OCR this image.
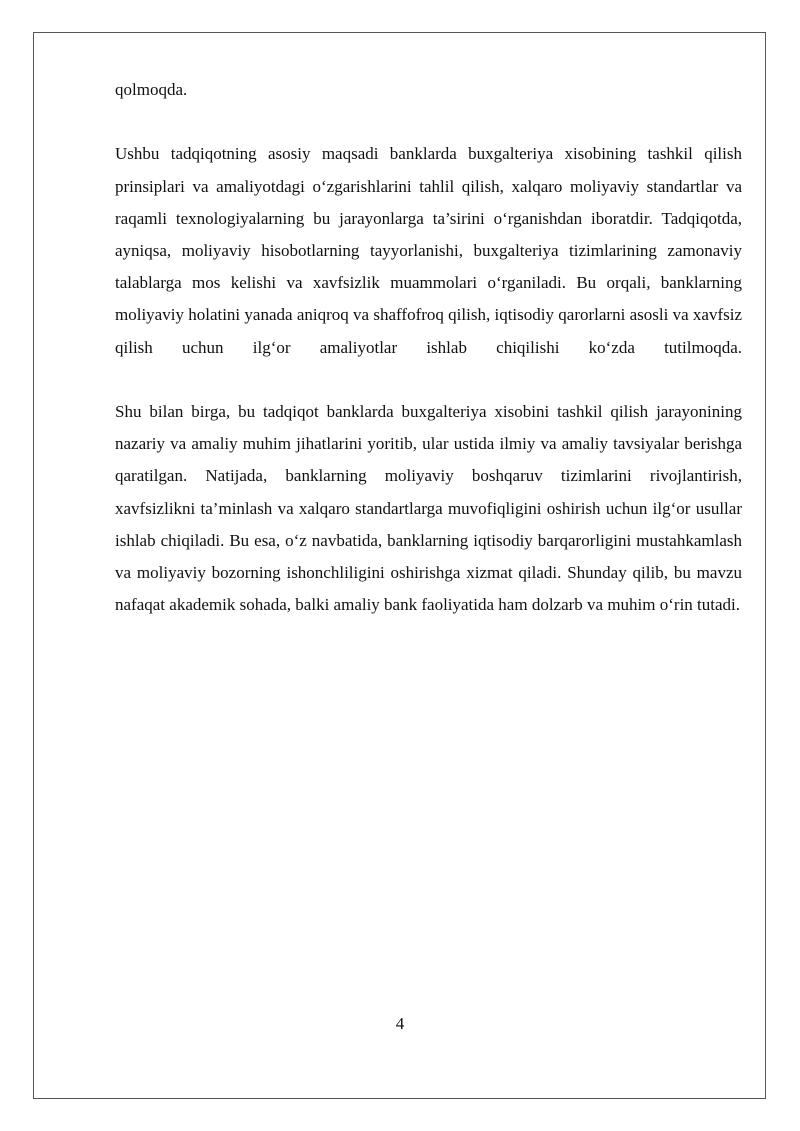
qolmoqda.

Ushbu tadqiqotning asosiy maqsadi banklarda buxgalteriya xisobining tashkil qilish prinsiplari va amaliyotdagi o‘zgarishlarini tahlil qilish, xalqaro moliyaviy standartlar va raqamli texnologiyalarning bu jarayonlarga ta’sirini o‘rganishdan iboratdir. Tadqiqotda, ayniqsa, moliyaviy hisobotlarning tayyorlanishi, buxgalteriya tizimlarining zamonaviy talablarga mos kelishi va xavfsizlik muammolari o‘rganiladi. Bu orqali, banklarning moliyaviy holatini yanada aniqroq va shaffofroq qilish, iqtisodiy qarorlarni asosli va xavfsiz qilish uchun ilg‘or amaliyotlar ishlab chiqilishi ko‘zda tutilmoqda.

Shu bilan birga, bu tadqiqot banklarda buxgalteriya xisobini tashkil qilish jarayonining nazariy va amaliy muhim jihatlarini yoritib, ular ustida ilmiy va amaliy tavsiyalar berishga qaratilgan. Natijada, banklarning moliyaviy boshqaruv tizimlarini rivojlantirish, xavfsizlikni ta’minlash va xalqaro standartlarga muvofiqligini oshirish uchun ilg‘or usullar ishlab chiqiladi. Bu esa, o‘z navbatida, banklarning iqtisodiy barqarorligini mustahkamlash va moliyaviy bozorning ishonchliligini oshirishga xizmat qiladi. Shunday qilib, bu mavzu nafaqat akademik sohada, balki amaliy bank faoliyatida ham dolzarb va muhim o‘rin tutadi.

4
